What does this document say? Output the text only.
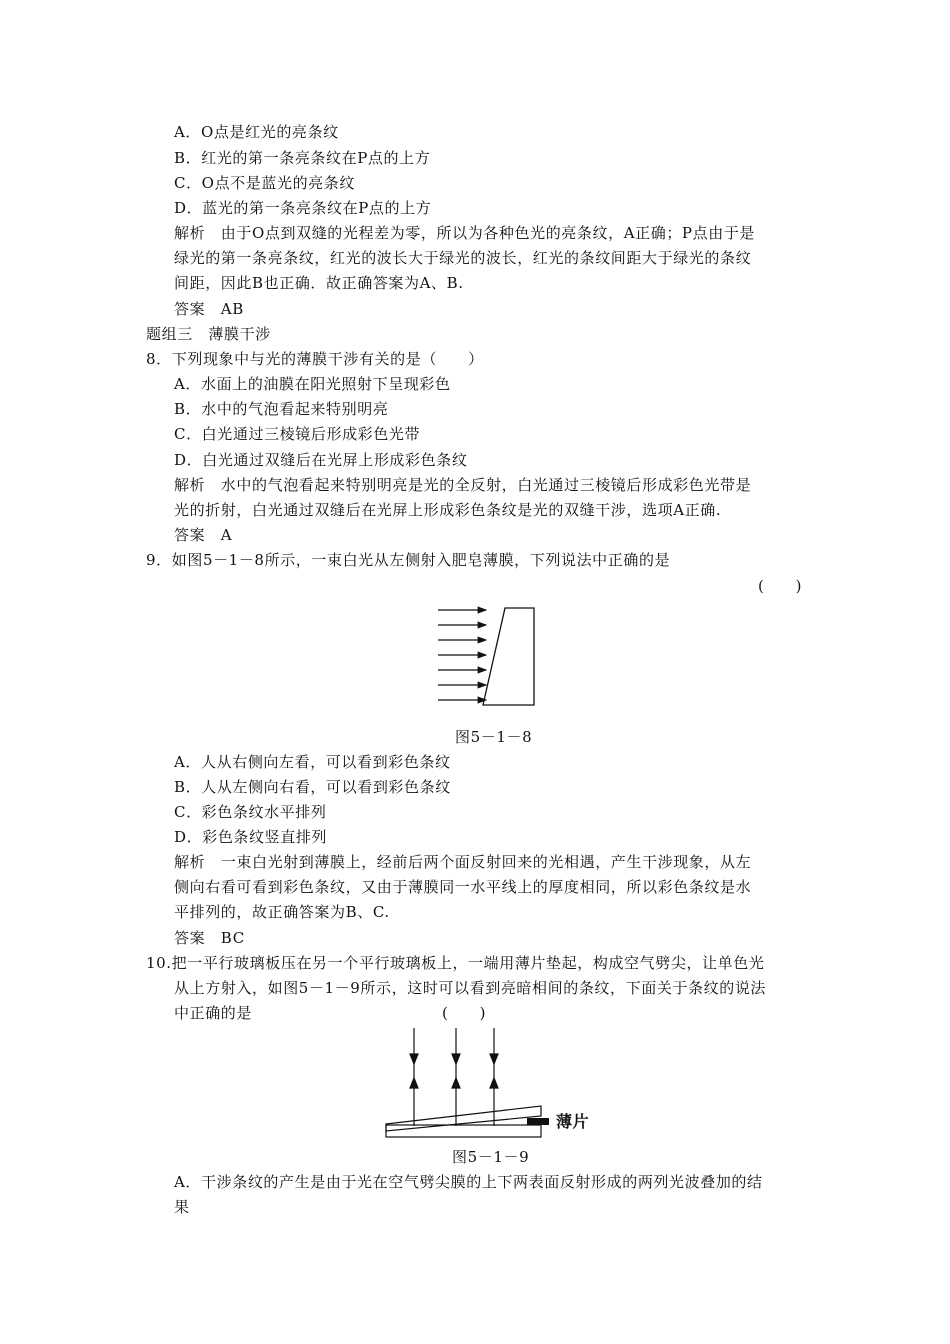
A．O点是红光的亮条纹
B．红光的第一条亮条纹在P点的上方
C．O点不是蓝光的亮条纹
D．蓝光的第一条亮条纹在P点的上方
解析　由于O点到双缝的光程差为零，所以为各种色光的亮条纹，A正确；P点由于是
绿光的第一条亮条纹，红光的波长大于绿光的波长，红光的条纹间距大于绿光的条纹
间距，因此B也正确．故正确答案为A、B.
答案　AB
题组三　薄膜干涉
8．下列现象中与光的薄膜干涉有关的是（　　）
A．水面上的油膜在阳光照射下呈现彩色
B．水中的气泡看起来特别明亮
C．白光通过三棱镜后形成彩色光带
D．白光通过双缝后在光屏上形成彩色条纹
解析　水中的气泡看起来特别明亮是光的全反射，白光通过三棱镜后形成彩色光带是
光的折射，白光通过双缝后在光屏上形成彩色条纹是光的双缝干涉，选项A正确.
答案　A
9．如图5－1－8所示，一束白光从左侧射入肥皂薄膜，下列说法中正确的是
(　　)
图5－1－8
A．人从右侧向左看，可以看到彩色条纹
B．人从左侧向右看，可以看到彩色条纹
C．彩色条纹水平排列
D．彩色条纹竖直排列
解析　一束白光射到薄膜上，经前后两个面反射回来的光相遇，产生干涉现象，从左
侧向右看可看到彩色条纹，又由于薄膜同一水平线上的厚度相同，所以彩色条纹是水
平排列的，故正确答案为B、C.
答案　BC
10.把一平行玻璃板压在另一个平行玻璃板上，一端用薄片垫起，构成空气劈尖，让单色光
从上方射入，如图5－1－9所示，这时可以看到亮暗相间的条纹，下面关于条纹的说法
中正确的是	(　　)
薄片
图5－1－9
A．干涉条纹的产生是由于光在空气劈尖膜的上下两表面反射形成的两列光波叠加的结
果
